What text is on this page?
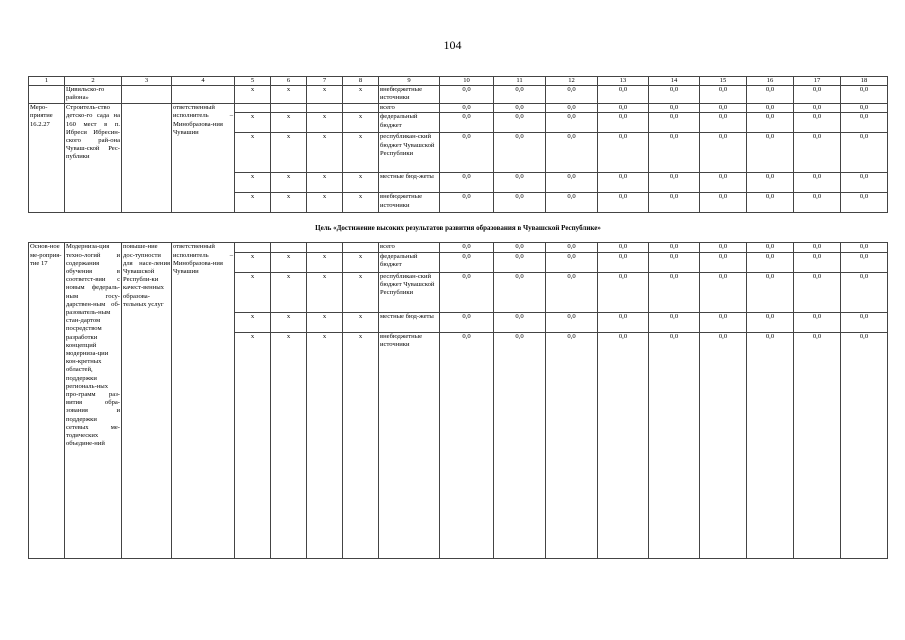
104
1	2	3	4	5	6	7	8	9	10	11	12	13	14	15	16	17	18
	Цивильско-го района»			x	x	x	x	внебюджетные источники	0,0	0,0	0,0	0,0	0,0	0,0	0,0	0,0	0,0
Меро-приятие 16.2.27	Строитель-ство детско-го сада на 160 мест в п. Ибреси Ибресин-ского рай-она Чуваш-ской Рес-публики		ответственный исполнитель – Минобразова-ния Чувашии					всего	0,0	0,0	0,0	0,0	0,0	0,0	0,0	0,0	0,0
				x	x	x	x	федеральный бюджет	0,0	0,0	0,0	0,0	0,0	0,0	0,0	0,0	0,0
				x	x	x	x	республикан-ский бюджет Чувашской Республики	0,0	0,0	0,0	0,0	0,0	0,0	0,0	0,0	0,0
				x	x	x	x	местные бюд-жеты	0,0	0,0	0,0	0,0	0,0	0,0	0,0	0,0	0,0
				x	x	x	x	внебюджетные источники	0,0	0,0	0,0	0,0	0,0	0,0	0,0	0,0	0,0
Цель «Достижение высоких результатов развития образования в Чувашской Республике»																	
Основ-ное ме-роприя-тие 17	Модерниза-ция техно-логий и содержания обучения в соответст-вии с новым федераль-ным госу-дарствен-ным об-разователь-ным стан-дартом посредством разработки концепций модерниза-ции кон-кретных областей, поддержки региональ-ных про-грамм раз-вития обра-зования и поддержки сетевых ме-тодических объедине-ний	повыше-ние дос-тупности для насе-ления Чувашской Республи-ки качест-венных образова-тельных услуг	ответственный исполнитель – Минобразова-ния Чувашии					всего	0,0	0,0	0,0	0,0	0,0	0,0	0,0	0,0	0,0
				x	x	x	x	федеральный бюджет	0,0	0,0	0,0	0,0	0,0	0,0	0,0	0,0	0,0
				x	x	x	x	республикан-ский бюджет Чувашской Республики	0,0	0,0	0,0	0,0	0,0	0,0	0,0	0,0	0,0
				x	x	x	x	местные бюд-жеты	0,0	0,0	0,0	0,0	0,0	0,0	0,0	0,0	0,0
				x	x	x	x	внебюджетные источники	0,0	0,0	0,0	0,0	0,0	0,0	0,0	0,0	0,0
